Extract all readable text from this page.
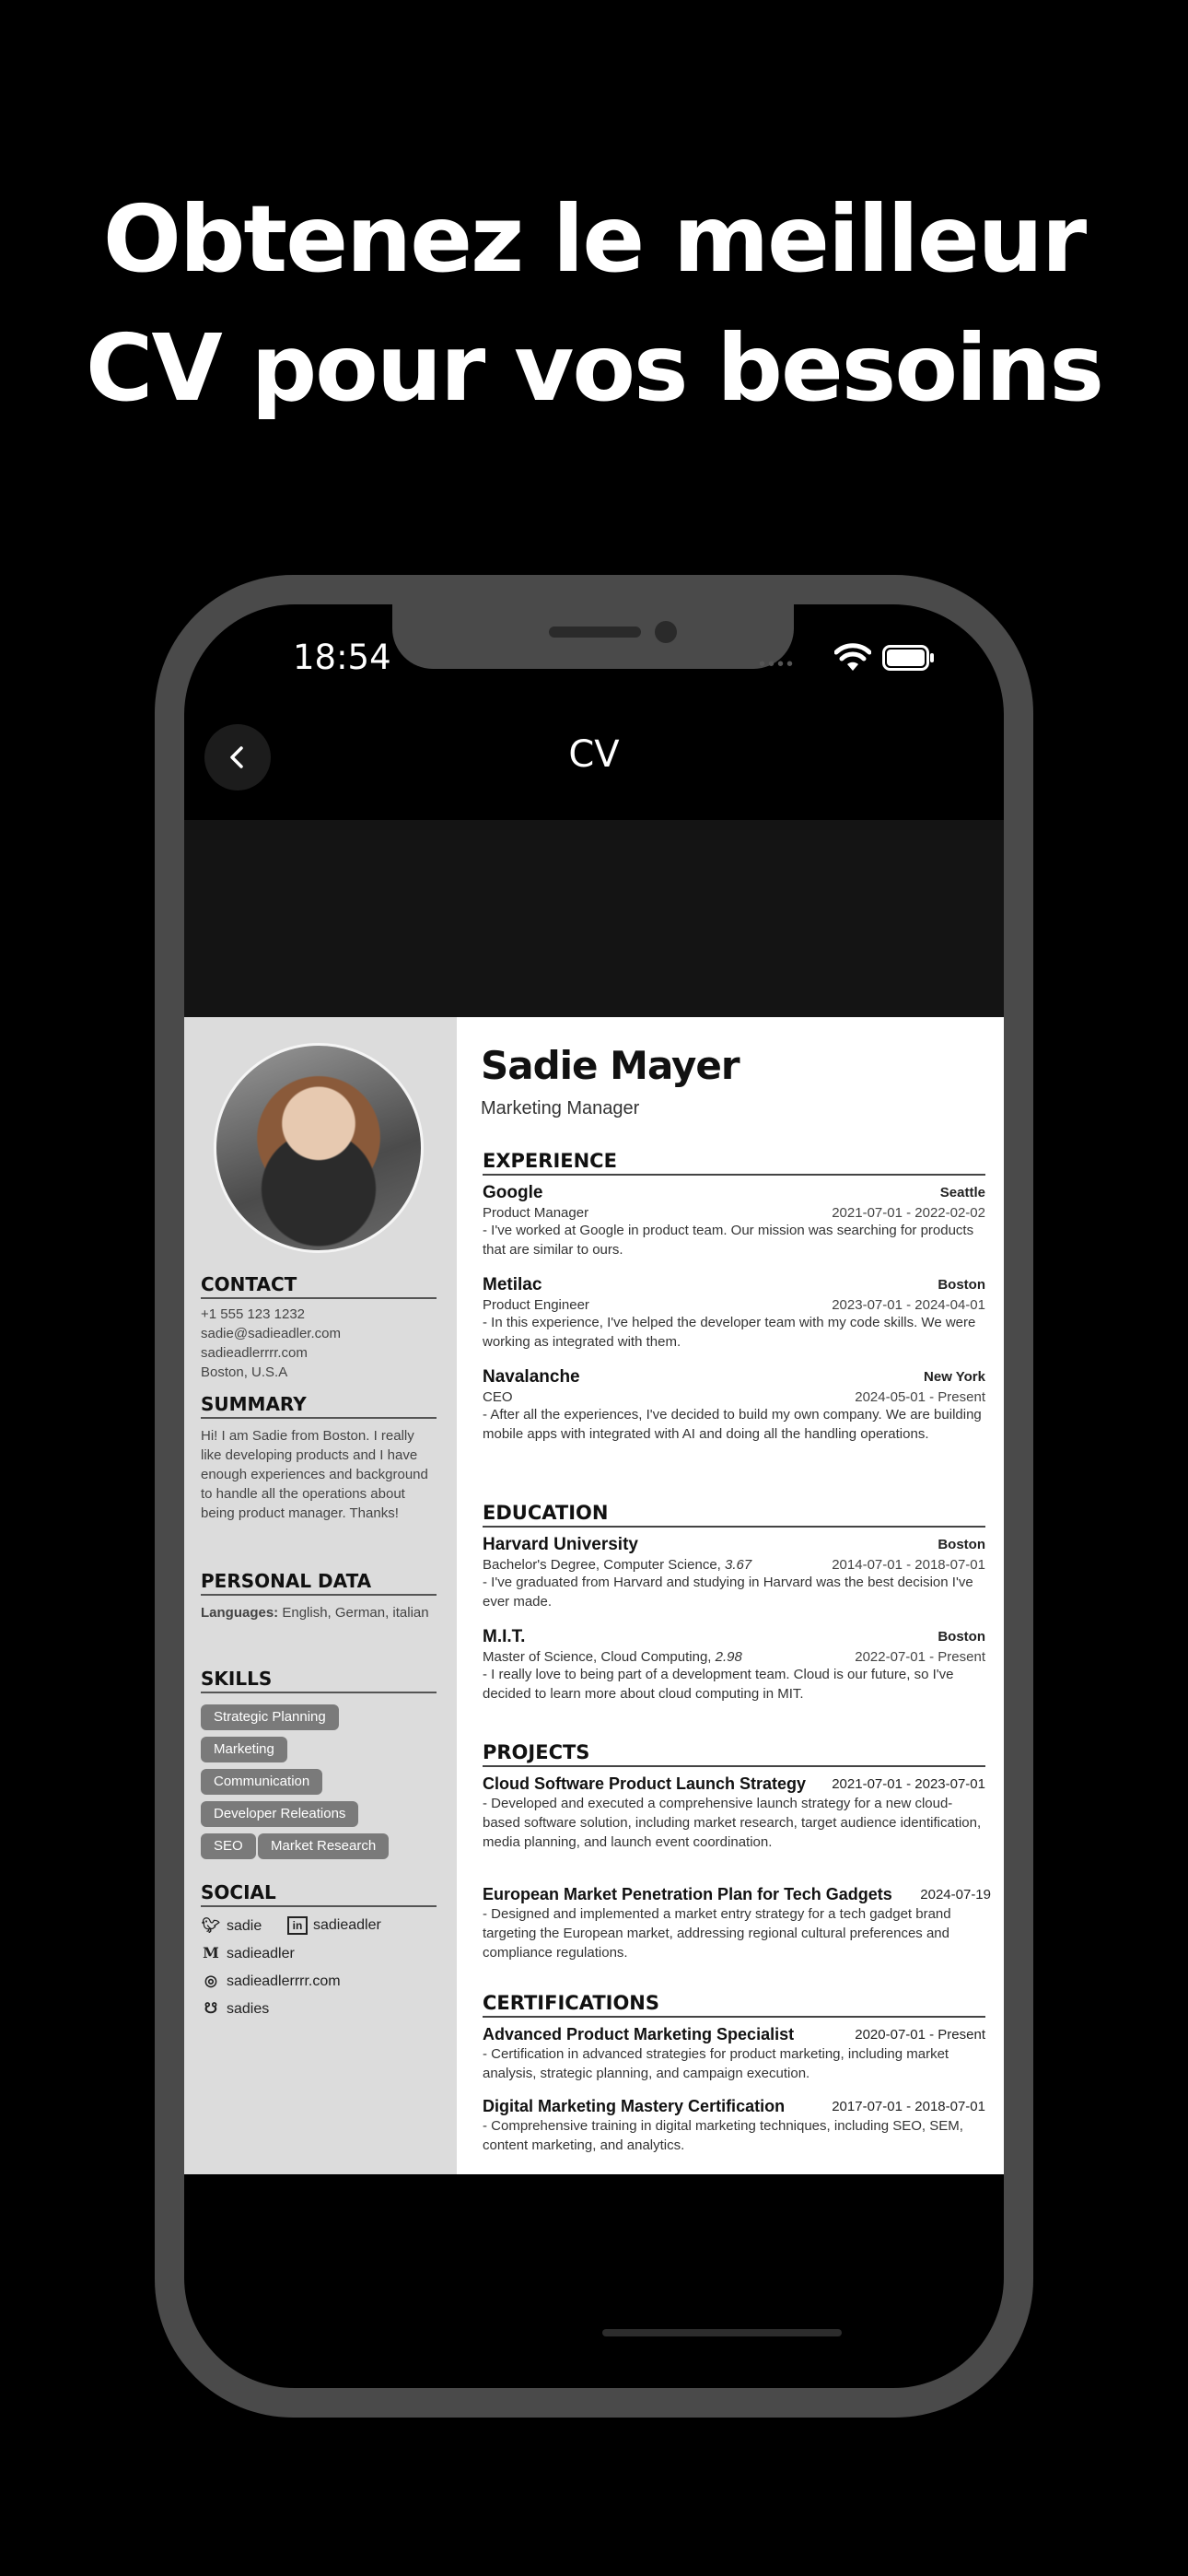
Obtenez le meilleur
CV pour vos besoins
18:54	••••
CV
CONTACT
+1 555 123 1232
sadie@sadieadler.com
sadieadlerrrr.com
Boston, U.S.A
SUMMARY
Hi! I am Sadie from Boston. I really like developing products and I have enough experiences and background to handle all the operations about being product manager. Thanks!
PERSONAL DATA
Languages: English, German, italian
SKILLS
Strategic Planning
Marketing
Communication
Developer Releations
SEO	Market Research
SOCIAL
🐦︎ sadie	in sadieadler
M sadieadler
◎ sadieadlerrrr.com
☋ sadies
Sadie Mayer
Marketing Manager
EXPERIENCE
Google	Seattle
Product Manager	2021-07-01 - 2022-02-02
- I've worked at Google in product team. Our mission was searching for products that are similar to ours.
Metilac	Boston
Product Engineer	2023-07-01 - 2024-04-01
- In this experience, I've helped the developer team with my code skills. We were working as integrated with them.
Navalanche	New York
CEO	2024-05-01 - Present
- After all the experiences, I've decided to build my own company. We are building mobile apps with integrated with AI and doing all the handling operations.
EDUCATION
Harvard University	Boston
Bachelor's Degree, Computer Science, 3.67	2014-07-01 - 2018-07-01
- I've graduated from Harvard and studying in Harvard was the best decision I've ever made.
M.I.T.	Boston
Master of Science, Cloud Computing, 2.98	2022-07-01 - Present
- I really love to being part of a development team. Cloud is our future, so I've decided to learn more about cloud computing in MIT.
PROJECTS
Cloud Software Product Launch Strategy	2021-07-01 - 2023-07-01
- Developed and executed a comprehensive launch strategy for a new cloud-based software solution, including market research, target audience identification, media planning, and launch event coordination.
European Market Penetration Plan for Tech Gadgets	2024-07-19
- Designed and implemented a market entry strategy for a tech gadget brand targeting the European market, addressing regional cultural preferences and compliance regulations.
CERTIFICATIONS
Advanced Product Marketing Specialist	2020-07-01 - Present
- Certification in advanced strategies for product marketing, including market analysis, strategic planning, and campaign execution.
Digital Marketing Mastery Certification	2017-07-01 - 2018-07-01
- Comprehensive training in digital marketing techniques, including SEO, SEM, content marketing, and analytics.
